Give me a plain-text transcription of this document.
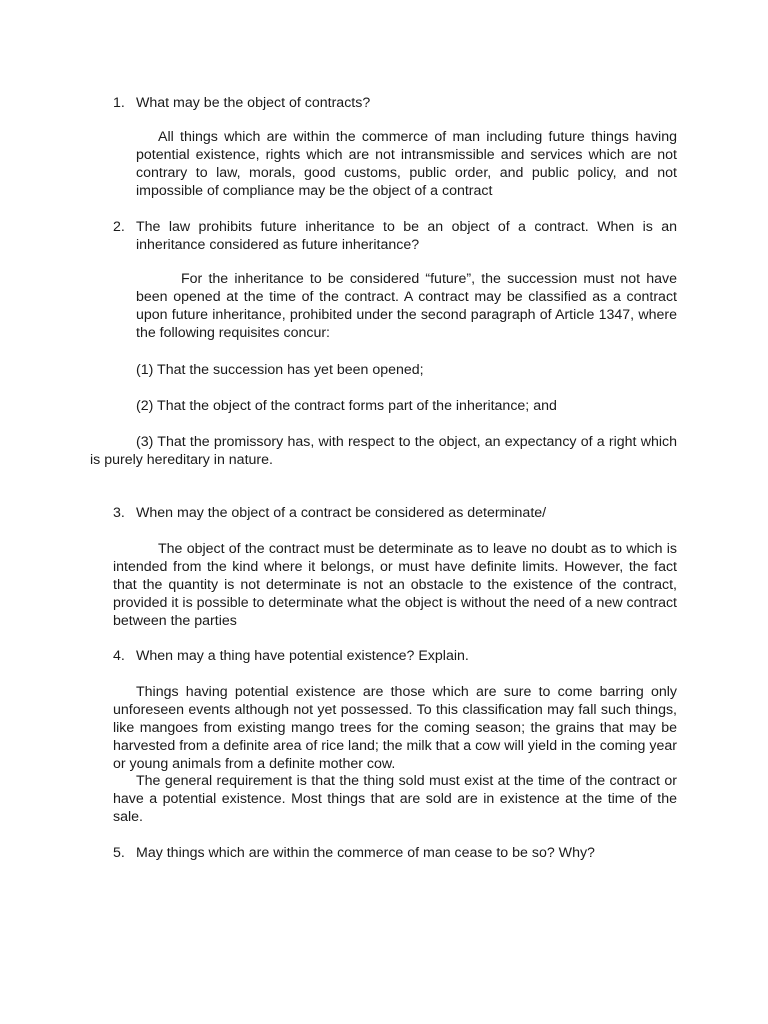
1. What may be the object of contracts?
All things which are within the commerce of man including future things having potential existence, rights which are not intransmissible and services which are not contrary to law, morals, good customs, public order, and public policy, and not impossible of compliance may be the object of a contract
2. The law prohibits future inheritance to be an object of a contract. When is an inheritance considered as future inheritance?
For the inheritance to be considered “future”, the succession must not have been opened at the time of the contract. A contract may be classified as a contract upon future inheritance, prohibited under the second paragraph of Article 1347, where the following requisites concur:
(1) That the succession has yet been opened;
(2) That the object of the contract forms part of the inheritance; and
(3) That the promissory has, with respect to the object, an expectancy of a right which is purely hereditary in nature.
3. When may the object of a contract be considered as determinate/
The object of the contract must be determinate as to leave no doubt as to which is intended from the kind where it belongs, or must have definite limits. However, the fact that the quantity is not determinate is not an obstacle to the existence of the contract, provided it is possible to determinate what the object is without the need of a new contract between the parties
4. When may a thing have potential existence? Explain.
Things having potential existence are those which are sure to come barring only unforeseen events although not yet possessed. To this classification may fall such things, like mangoes from existing mango trees for the coming season; the grains that may be harvested from a definite area of rice land; the milk that a cow will yield in the coming year or young animals from a definite mother cow.
The general requirement is that the thing sold must exist at the time of the contract or have a potential existence. Most things that are sold are in existence at the time of the sale.
5. May things which are within the commerce of man cease to be so? Why?
